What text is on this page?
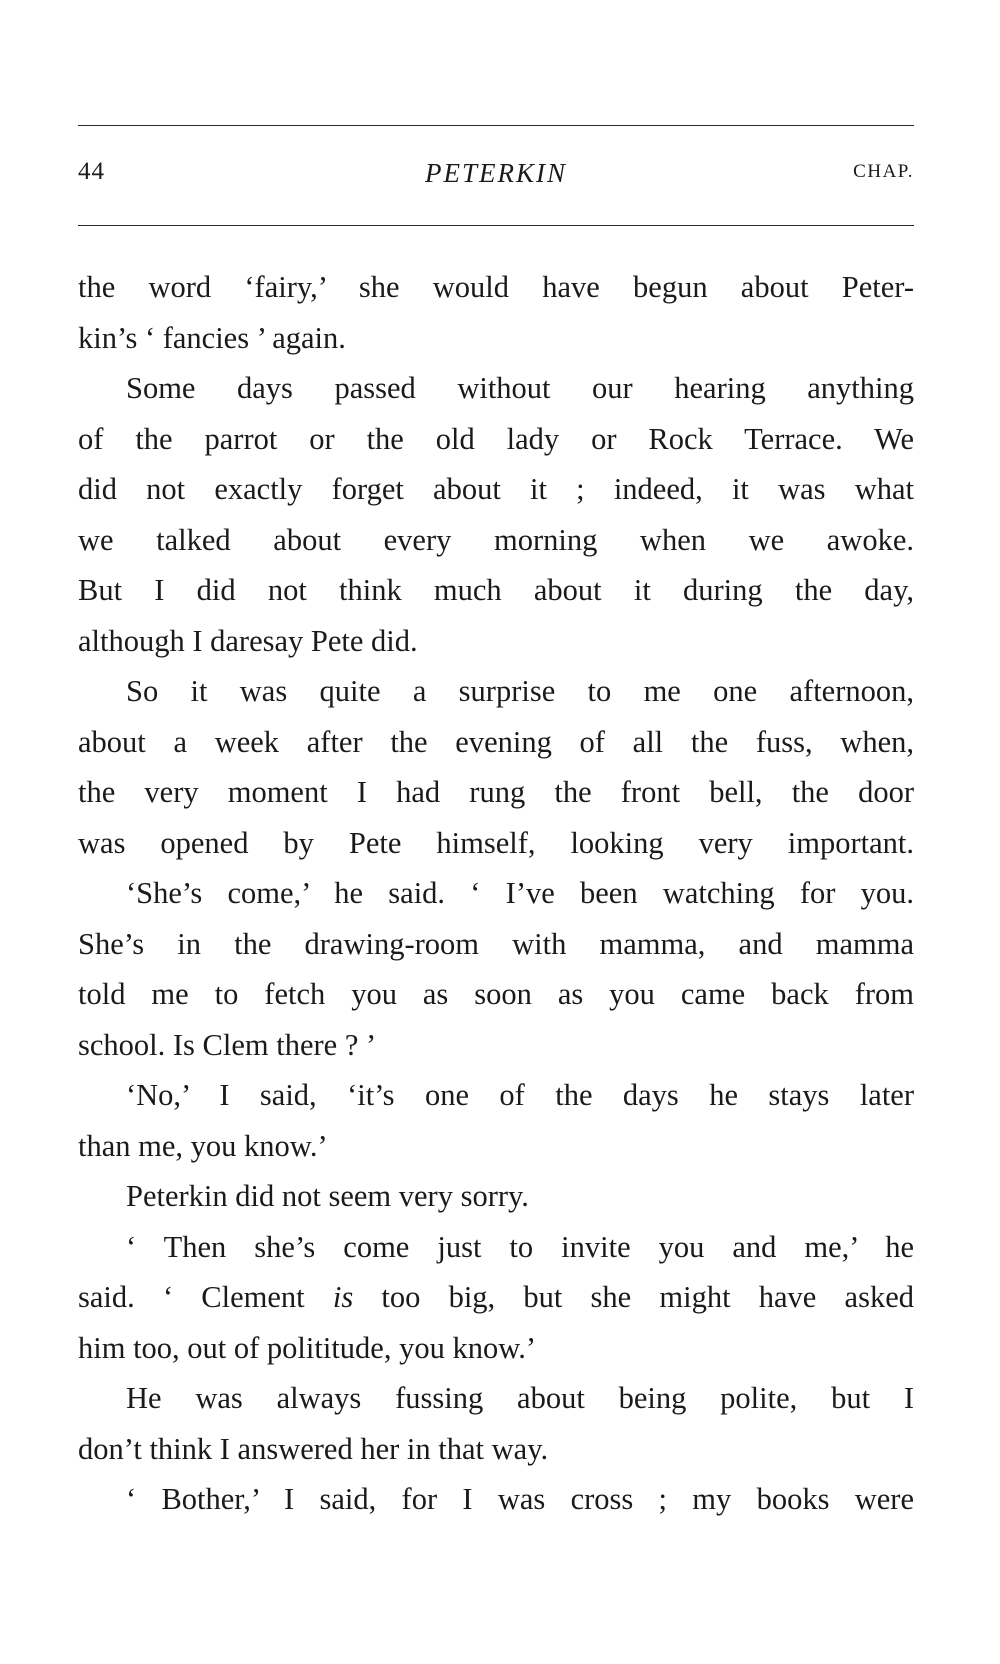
44	PETERKIN	CHAP.
the word ‘fairy,’ she would have begun about Peter-
kin’s ‘ fancies ’ again.
Some days passed without our hearing anything
of the parrot or the old lady or Rock Terrace. We
did not exactly forget about it ; indeed, it was what
we talked about every morning when we awoke.
But I did not think much about it during the day,
although I daresay Pete did.
So it was quite a surprise to me one afternoon,
about a week after the evening of all the fuss, when,
the very moment I had rung the front bell, the door
was opened by Pete himself, looking very important.
‘She’s come,’ he said. ‘ I’ve been watching for you.
She’s in the drawing-room with mamma, and mamma
told me to fetch you as soon as you came back from
school. Is Clem there ? ’
‘No,’ I said, ‘it’s one of the days he stays later
than me, you know.’
Peterkin did not seem very sorry.
‘ Then she’s come just to invite you and me,’ he
said. ‘ Clement is too big, but she might have asked
him too, out of polititude, you know.’
He was always fussing about being polite, but I
don’t think I answered her in that way.
‘ Bother,’ I said, for I was cross ; my books were
